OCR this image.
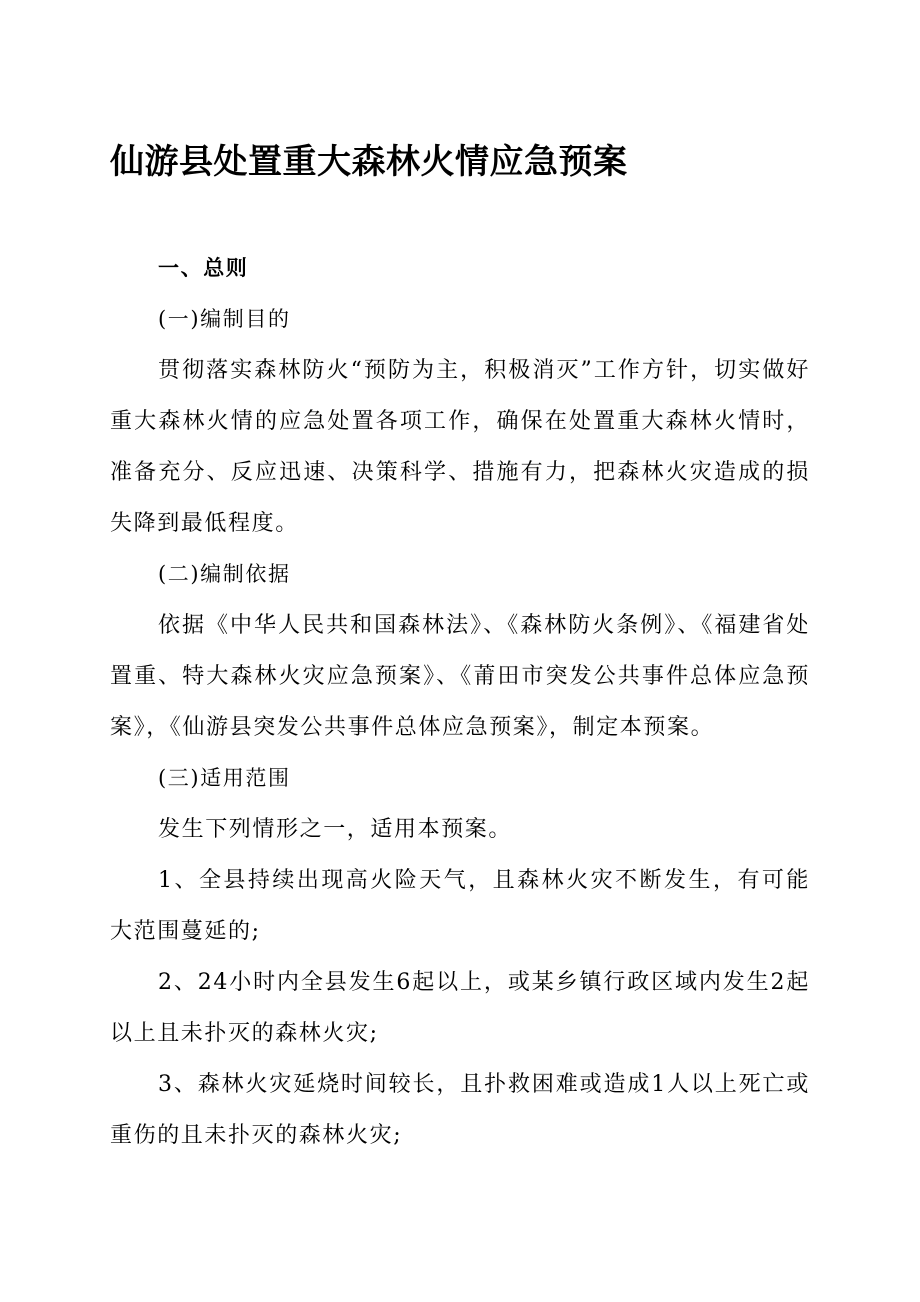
仙游县处置重大森林火情应急预案

一、总则

(一)编制目的

贯彻落实森林防火“预防为主，积极消灭”工作方针，切实做好重大森林火情的应急处置各项工作，确保在处置重大森林火情时，准备充分、反应迅速、决策科学、措施有力，把森林火灾造成的损失降到最低程度。

(二)编制依据

依据《中华人民共和国森林法》、《森林防火条例》、《福建省处置重、特大森林火灾应急预案》、《莆田市突发公共事件总体应急预案》，《仙游县突发公共事件总体应急预案》，制定本预案。

(三)适用范围

发生下列情形之一，适用本预案。

1、全县持续出现高火险天气，且森林火灾不断发生，有可能大范围蔓延的;

2、24小时内全县发生6起以上，或某乡镇行政区域内发生2起以上且未扑灭的森林火灾;

3、森林火灾延烧时间较长，且扑救困难或造成1人以上死亡或重伤的且未扑灭的森林火灾;
